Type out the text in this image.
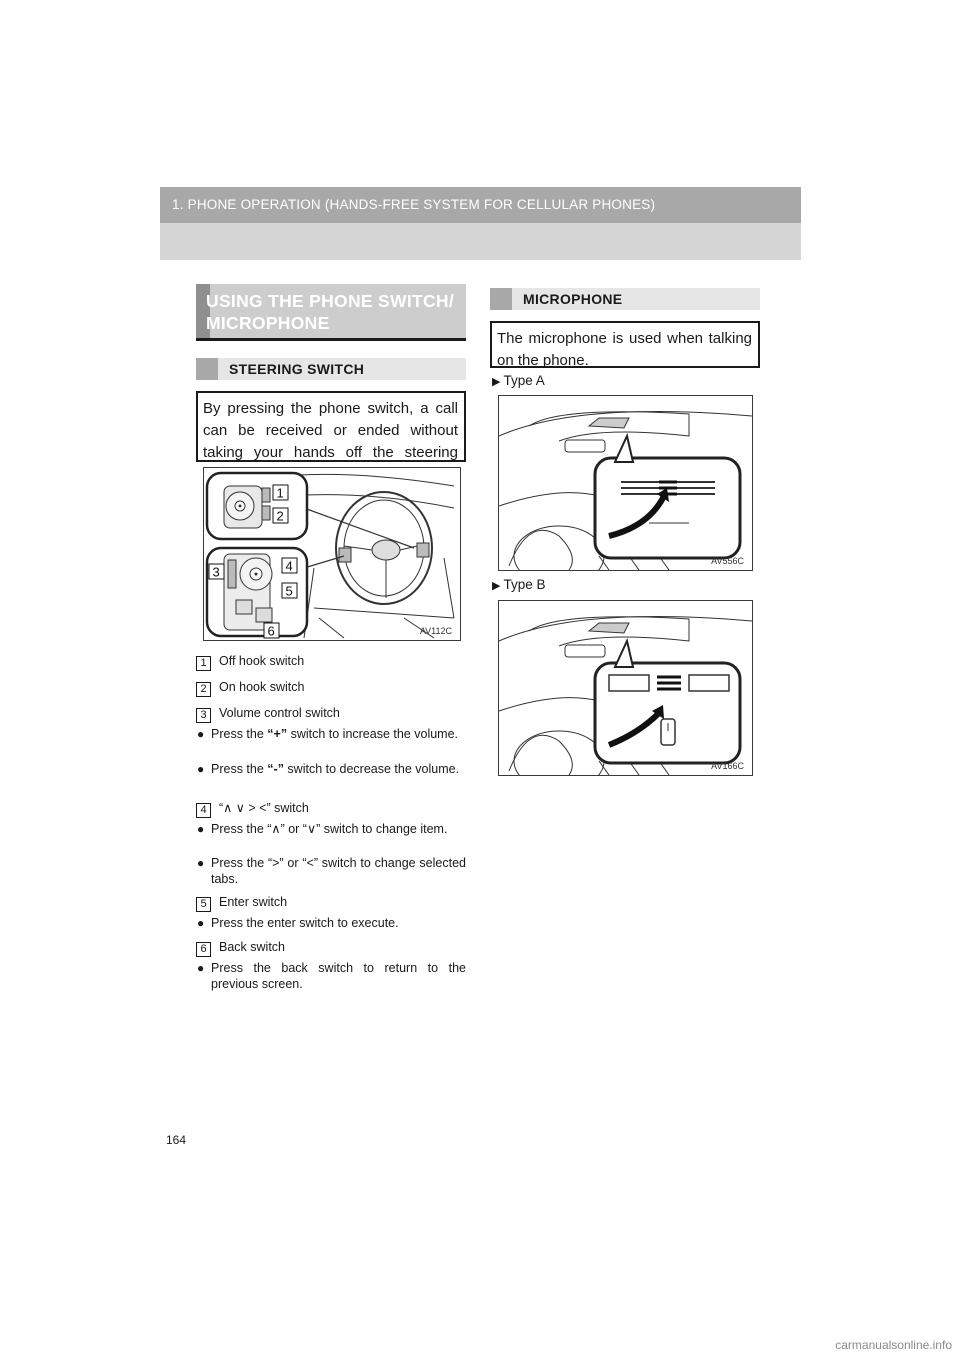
1. PHONE OPERATION (HANDS-FREE SYSTEM FOR CELLULAR PHONES)
USING THE PHONE SWITCH/
MICROPHONE
STEERING SWITCH
By pressing the phone switch, a call can be received or ended without taking your hands off the steering
1
2
3	4
5
6	AV112C
1 Off hook switch
2 On hook switch
3 Volume control switch
● Press the “+” switch to increase the volume.
● Press the “-” switch to decrease the volume.
4 “∧ ∨ > <” switch
● Press the “∧” or “∨” switch to change item.
● Press the “>” or “<” switch to change selected tabs.
5 Enter switch
● Press the enter switch to execute.
6 Back switch
● Press the back switch to return to the previous screen.
MICROPHONE
The microphone is used when talking on the phone.
▶ Type A
AV556C
▶ Type B
AV166C
164
carmanualsonline.info
